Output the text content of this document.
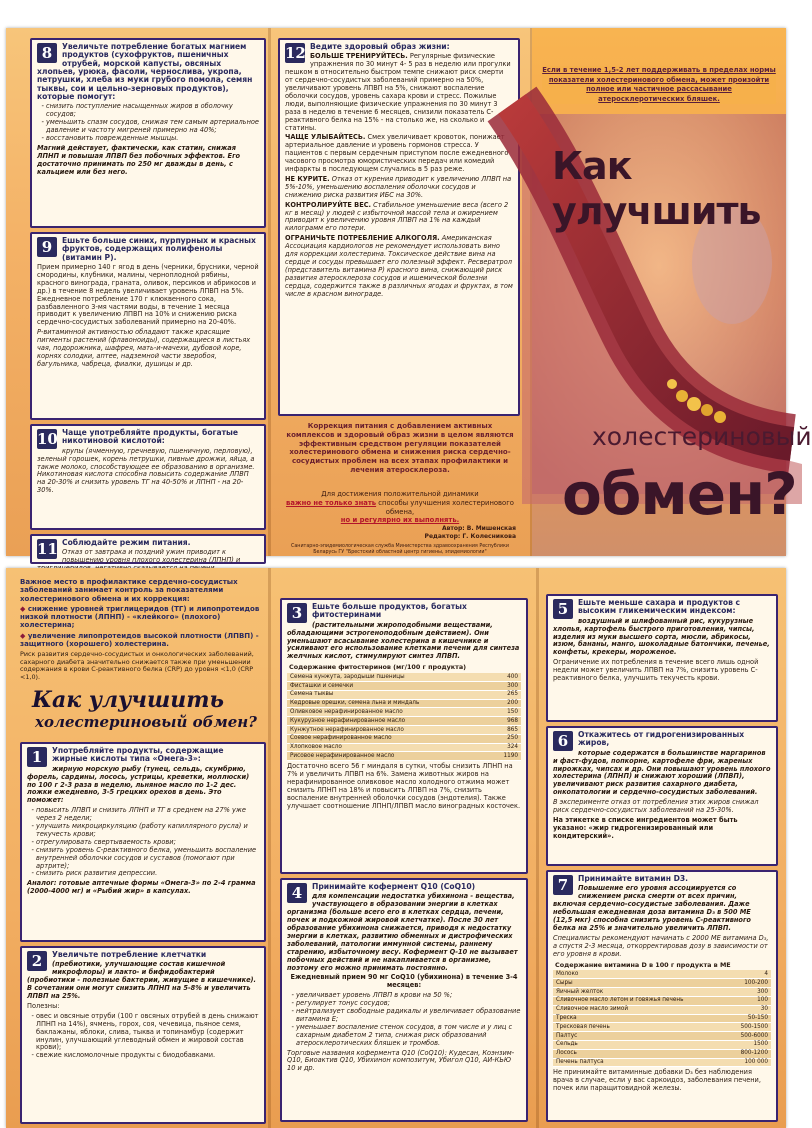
8	Увеличьте потребление богатых магнием продуктов (сухофруктов, пшеничных отрубей, морской капусты, овсяных хлопьев, урюка, фасоли, чернослива, укропа, петрушки, хлеба из муки грубого помола, семян тыквы, сои и цельно-зерновых продуктов), которые помогут:
- снизить поступление насыщенных жиров в оболочку сосудов;
- уменьшить спазм сосудов, снижая тем самым артериальное давление и частоту мигреней примерно на 40%;
- восстановить поврежденные мышцы.

Магний действует, фактически, как статин, снижая ЛПНП и повышая ЛПВП без побочных эффектов. Его достаточно принимать по 250 мг дважды в день, с кальцием или без него.

9	Ешьте больше синих, пурпурных и красных фруктов, содержащих полифенолы (витамин Р).

Прием примерно 140 г ягод в день (черники, брусники, черной смородины, клубники, малины, черноплодной рябины, красного винограда, граната, оливок, персиков и абрикосов и др.) в течение 8 недель увеличивает уровень ЛПВП на 5%. Ежедневное потребление 170 г клюквенного сока, разбавленного 3-мя частями воды, в течение 1 месяца приводит к увеличению ЛПВП на 10% и снижению риска сердечно-сосудистых заболеваний примерно на 20-40%.

Р-витаминной активностью обладают также красящие пигменты растений (флавоноиды), содержащиеся в листьях чая, подорожника, шафрея, мать-и-мачехи, дубовой коре, корнях солодки, аптее, надземной части зверобоя, багульника, чабреца, фиалки, душицы и др.

10 Чаще употребляйте продукты, богатые никотиновой кислотой:

крупы (ячменную, гречневую, пшеничную, перловую), зеленый горошек, корень петрушки, пивные дрожжи, яйца, а также молоко, способствующее ее образованию в организме. Никотиновая кислота способна повысить содержание ЛПВП на 20-30% и снизить уровень ТГ на 40-50% и ЛПНП - на 20-30%.

11 Соблюдайте режим питания.

Отказ от завтрака и поздний ужин приводит к повышению уровня плохого холестерина (ЛПНП) и

12 Ведите здоровый образ жизни:

БОЛЬШЕ ТРЕНИРУЙТЕСЬ. Регулярные физические упражнения по 30 минут 4- 5 раз в неделю или прогулки пешком в относительно быстром темпе снижают риск смерти от сердечно-сосудистых заболеваний примерно на 50%, увеличивают уровень ЛПВП на 5%, снижают воспаление оболочки сосудов, уровень сахара крови и стресс. Пожилые люди, выполняющие физические упражнения по 30 минут 3 раза в неделю в течение 6 месяцев, снизили показатель С-реактивного белка на 15% - на столько же, на сколько и статины.

ЧАЩЕ УЛЫБАЙТЕСЬ. Смех увеличивает кровоток, понижает артериальное давление и уровень гормонов стресса. У пациентов с первым сердечным приступом после ежедневного часового просмотра юмористических передач или комедий инфаркты в последующем случались в 5 раз реже.

НЕ КУРИТЕ. Отказ от курения приводит к увеличению ЛПВП на 5%-10%, уменьшению воспаления оболочки сосудов и снижению риска развития ИБС на 30%.

КОНТРОЛИРУЙТЕ ВЕС. Стабильное уменьшение веса (всего 2 кг в месяц) у людей с избыточной массой тела и ожирением приводит к увеличению уровня ЛПВП на 1% на каждый килограмм его потери.

ОГРАНИЧЬТЕ ПОТРЕБЛЕНИЕ АЛКОГОЛЯ. Американская Ассоциация кардиологов не рекомендует использовать вино для коррекции холестерина. Токсическое действие вина на сердце и сосуды превышает его полезный эффект. Ресвератрол (представитель витамина Р) красного вина, снижающий риск развития атеросклероза сосудов и ишемической болезни сердца, содержится также в различных ягодах и фруктах, в том числе в красном винограде.

Коррекция питания с добавлением активных комплексов и здоровый образ жизни в целом являются эффективным средством регуляции показателей холестеринового обмена и снижения риска сердечно-сосудистых проблем на всех этапах профилактики и лечения атеросклероза.
Для достижения положительной динамики
важно не только знать способы улучшения холестеринового обмена,
но и регулярно их выполнять.
Автор: В. Мишенская
Редактор: Г. Колесникова
Санитарно-эпидемиологическая служба Министерства здравоохранения Республики Беларусь ГУ "Брестский областной центр гигиены, эпидемиологии"
Если в течение 1,5-2 лет поддерживать в пределах нормы показатели холестеринового обмена, может произойти полное или частичное рассасывание атеросклеротических бляшек.
Как улучшить
холестериновый
обмен?

Важное место в профилактике сердечно-сосудистых заболеваний занимает контроль за показателями холестеринового обмена и их коррекция:

◆ снижение уровней триглицеридов (ТГ) и липопротеидов низкой плотности (ЛПНП) - «клейкого» (плохого) холестерина;

◆ увеличение липопротеидов высокой плотности (ЛПВП) - защитного (хорошего) холестерина.

Риск развития сердечно-сосудистых и онкологических заболеваний, сахарного диабета значительно снижается также при уменьшении содержания в крови С-реактивного белка (CRP) до уровня <1,0 (CRP <1,0).

Как улучшить
холестериновый обмен?
1	Употребляйте продукты, содержащие жирные кислоты типа «Омега-3»:

жирную морскую рыбу (тунец, сельдь, скумбрию, форель, сардины, лосось, устрицы, креветки, моллюски) по 100 г 2-3 раза в неделю, льняное масло по 1-2 дес. ложки ежедневно, 3-5 грецких орехов в день. Это поможет:

- повысить ЛПВП и снизить ЛПНП и ТГ в среднем на 27% уже через 2 недели;
- улучшить микроциркуляцию (работу капиллярного русла) и текучесть крови;
- отрегулировать свертываемость крови;
- снизить уровень С-реактивного белка, уменьшить воспаление внутренней оболочки сосудов и суставов (помогают при артрите);
- снизить риск развития депрессии.

Аналог: готовые аптечные формы «Омега-3» по 2-4 грамма (2000-4000 мг) и «Рыбий жир» в капсулах.

2	Увеличьте потребление клетчатки

(пребиотики, улучшающие состав кишечной микрофлоры) и лакто- и бифидобактерий (пробиотики - полезные бактерии, живущие в кишечнике). В сочетании они могут снизить ЛПНП на 5-8% и увеличить ЛПВП на 25%.

Полезны:

- овес и овсяные отруби (100 г овсяных отрубей в день снижают ЛПНП на 14%), ячмень, горох, соя, чечевица, пьяное семя, баклажаны, яблоки, слива, тыква и топинамбур (содержит инулин, улучшающий углеводный обмен и жировой состав крови);
- свежие кисломолочные продукты с биодобавками.
3	Ешьте больше продуктов, богатых фитостеринами

(растительными жироподобными веществами, обладающими эстрогеноподобным действием). Они уменьшают всасывание холестерина в кишечнике и усиливают его использование клетками печени для синтеза желчных кислот, стимулируют синтез ЛПВП.

Содержание фитостеринов (мг/100 г продукта)	
Семена кунжута, зародыши пшеницы	400
Фисташки и семечки	300
Семена тыквы	265
Кедровые орешки, семена льна и миндаль	200
Оливковое нерафинированное масло	150
Кукурузное нерафинированное масло	968
Кунжутное нерафинированное масло	865
Соевое нерафинированное масло	250
Хлопковое масло	324
Рисовое нерафинированное масло	1190

Достаточно всего 56 г миндаля в сутки, чтобы снизить ЛПНП на 7% и увеличить ЛПВП на 6%. Замена животных жиров на нерафинированное оливковое масло холодного отжима может снизить ЛПНП на 18% и повысить ЛПВП на 7%, снизить воспаление внутренней оболочки сосудов (эндотелия). Также улучшает соотношение ЛПНП/ЛПВП масло виноградных косточек.

4	Принимайте кофермент Q10 (CoQ10)

для компенсации недостатка убихинона - вещества, участвующего в образовании энергии в клетках организма (больше всего его в клетках сердца, печени, почек и подкожной жировой клетчатке). После 30 лет образование убихинона снижается, приводя к недостатку энергии в клетках, развитию обменных и дистрофических заболеваний, патологии иммунной системы, раннему старению, избыточному весу. Кофермент Q-10 не вызывает побочных действий и не накапливается в организме, поэтому его можно принимать постоянно.

Ежедневный прием 90 мг CoQ10 (убихинона) в течение 3-4 месяцев:

- увеличивает уровень ЛПВП в крови на 50 %;
- регулирует тонус сосудов;
- нейтрализует свободные радикалы и увеличивает образование витамина Е;
- уменьшает воспаление стенок сосудов, в том числе и у лиц с сахарным диабетом 2 типа, снижая риск образований атеросклеротических бляшек и тромбов.

Торговые названия кофермента Q10 (CoQ10): Кудесан, Коэнзим-Q10, Биоактив Q10, Убихинон композитум, Убигол Q10, АИ-КЬЮ 10 и др.

5	Ешьте меньше сахара и продуктов с высоким гликемическим индексом:

воздушный и шлифованный рис, кукурузные хлопья, картофель быстрого приготовления, чипсы, изделия из муки высшего сорта, мюсли, абрикосы, изюм, бананы, манго, шоколадные батончики, печенье, конфеты, крекеры, мороженое.

Ограничение их потребления в течение всего лишь одной недели может увеличить ЛПВП на 7%, снизить уровень С-реактивного белка, улучшить текучесть крови.

6	Откажитесь от гидрогенизированных жиров,

которые содержатся в большинстве маргаринов и фаст-фудов, попкорне, картофеле фри, жареных пирожках, чипсах и др. Они повышают уровень плохого холестерина (ЛПНП) и снижают хороший (ЛПВП), увеличивают риск развития сахарного диабета, онкопатологии и сердечно-сосудистых заболеваний.

В эксперименте отказ от потребления этих жиров снижал риск сердечно-сосудистых заболеваний на 25-30%.

На этикетке в списке ингредиентов может быть указано: «жир гидрогенизированный или кондитерский».

7	Принимайте витамин D3.

Повышение его уровня ассоциируется со снижением риска смерти от всех причин, включая сердечно-сосудистые заболевания. Даже небольшая ежедневная доза витамина D₃ в 500 МЕ (12,5 мкг) способна снизить уровень С-реактивного белка на 25% и значительно увеличить ЛПВП.

Специалисты рекомендуют начинать с 2000 МЕ витамина D₃, а спустя 2-3 месяца, откорректировав дозу в зависимости от его уровня в крови.

Содержание витамина D в 100 г продукта в МЕ	
Молоко	4
Сыры	100-200
Яичный желток	300
Сливочное масло летом и говяжья печень	100
Сливочное масло зимой	30
Треска	50-150
Тресковая печень	500-1500
Палтус	500-6000
Сельдь	1500
Лосось	800-1200
Печень палтуса	100 000

Не принимайте витаминные добавки D₃ без наблюдения врача в случае, если у вас саркоидоз, заболевания печени, почек или паращитовидной железы.
